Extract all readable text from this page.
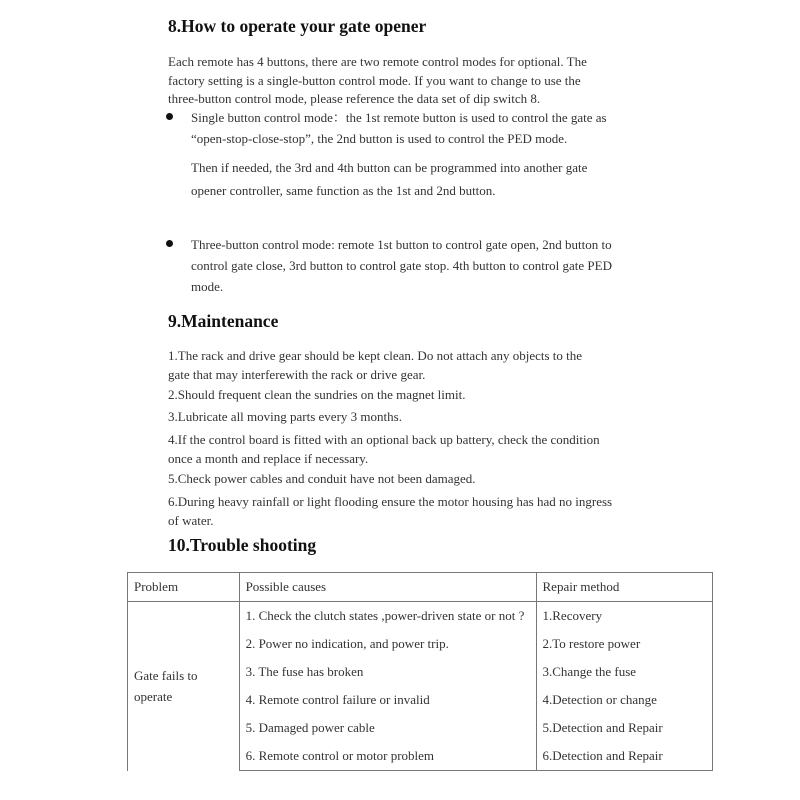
8.How to operate your gate opener
Each remote has 4 buttons, there are two remote control modes for optional. The
factory setting is a single-button control mode. If you want to change to use the
three-button control mode, please reference the data set of dip switch 8.
Single button control mode：the 1st remote button is used to control the gate as
“open-stop-close-stop”, the 2nd button is used to control the PED mode.
Then if needed, the 3rd and 4th button can be programmed into another gate
opener controller, same function as the 1st and 2nd button.
Three-button control mode: remote 1st button to control gate open, 2nd button to
control gate close, 3rd button to control gate stop. 4th button to control gate PED
mode.
9.Maintenance
1.The rack and drive gear should be kept clean. Do not attach any objects to the
gate that may interferewith the rack or drive gear.
2.Should frequent clean the sundries on the magnet limit.
3.Lubricate all moving parts every 3 months.
4.If the control board is fitted with an optional back up battery, check the condition
once a month and replace if necessary.
5.Check power cables and conduit have not been damaged.
6.During heavy rainfall or light flooding ensure the motor housing has had no ingress
of water.
10.Trouble shooting
Problem	Possible causes	Repair method

Gate fails to
operate	1. Check the clutch states ,power-driven state or not ?	1.Recovery
	2. Power no indication, and power trip.	2.To restore power
	3. The fuse has broken	3.Change the fuse
	4. Remote control failure or invalid	4.Detection or change
	5. Damaged power cable	5.Detection and Repair
	6. Remote control or motor problem	6.Detection and Repair
